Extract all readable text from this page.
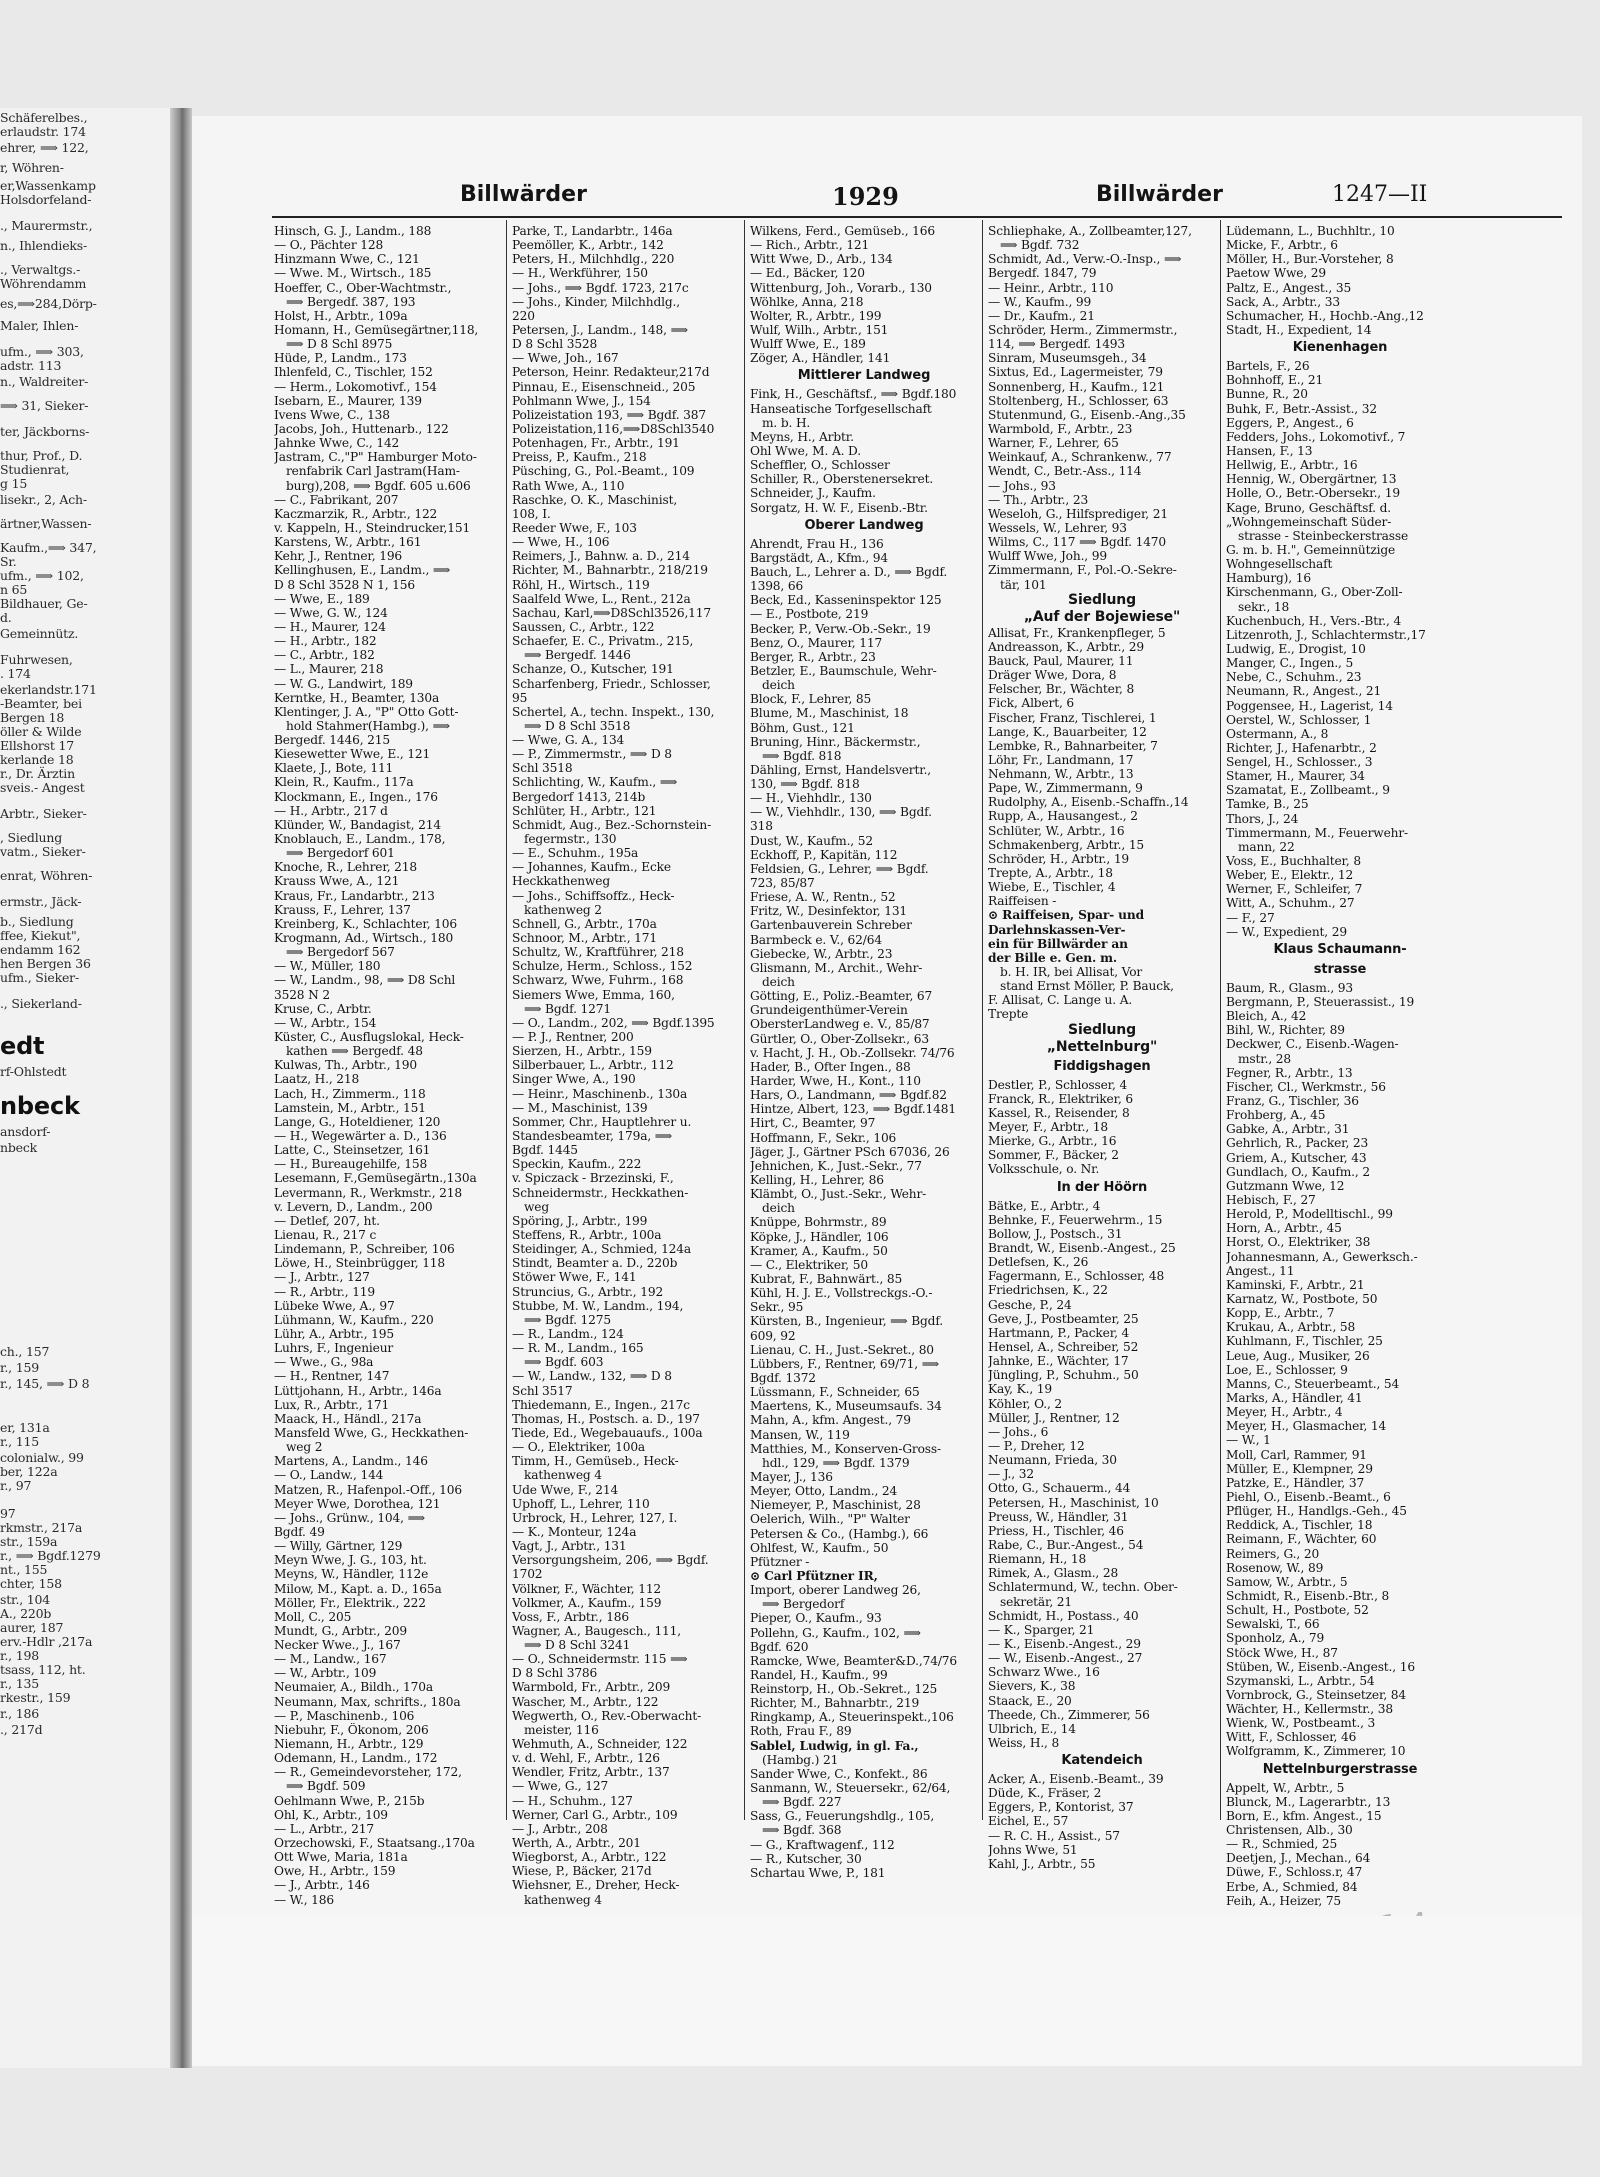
Schäferelbes.,
erlaudstr. 174
ehrer, ⟹ 122,
r, Wöhren-
er,Wassenkamp
Holsdorfeland-
., Maurermstr.,
n., Ihlendieks-
., Verwaltgs.-
Wöhrendamm
es,⟹284,Dörp-
Maler, Ihlen-
ufm., ⟹ 303,
adstr. 113
n., Waldreiter-
⟹ 31, Sieker-
ter, Jäckborns-
thur, Prof., D.
Studienrat,
g 15
lisekr., 2, Ach-
ärtner,Wassen-
Kaufm.,⟹ 347,
Sr.
ufm., ⟹ 102,
n 65
Bildhauer, Ge-
d.
Gemeinnütz.
Fuhrwesen,
. 174
ekerlandstr.171
-Beamter, bei
Bergen 18
öller & Wilde
Ellshorst 17
kerlande 18
r., Dr. Ärztin
sveis.- Angest
Arbtr., Sieker-
, Siedlung
vatm., Sieker-
enrat, Wöhren-
ermstr., Jäck-
b., Siedlung
ffee, Kiekut",
endamm 162
hen Bergen 36
ufm., Sieker-
., Siekerland-
edt
rf-Ohlstedt
nbeck
ansdorf-
nbeck
ch., 157
r., 159
r., 145, ⟹ D 8
er, 131a
r., 115
colonialw., 99
ber, 122a
r., 97
97
rkmstr., 217a
str., 159a
r., ⟹ Bgdf.1279
nt., 155
chter, 158
str., 104
A., 220b
aurer, 187
erv.-Hdlr ,217a
r., 198
tsass, 112, ht.
r., 135
rkestr., 159
r., 186
., 217d
Billwärder	1929	Billwärder	1247—II
Hinsch, G. J., Landm., 188
— O., Pächter 128
Hinzmann Wwe, C., 121
— Wwe. M., Wirtsch., 185
Hoeffer, C., Ober-Wachtmstr.,
⟹ Bergedf. 387, 193
Holst, H., Arbtr., 109a
Homann, H., Gemüsegärtner,118,
⟹ D 8 Schl 8975
Hüde, P., Landm., 173
Ihlenfeld, C., Tischler, 152
— Herm., Lokomotivf., 154
Isebarn, E., Maurer, 139
Ivens Wwe, C., 138
Jacobs, Joh., Huttenarb., 122
Jahnke Wwe, C., 142
Jastram, C.,"P" Hamburger Moto-
renfabrik Carl Jastram(Ham-
burg),208, ⟹ Bgdf. 605 u.606
— C., Fabrikant, 207
Kaczmarzik, R., Arbtr., 122
v. Kappeln, H., Steindrucker,151
Karstens, W., Arbtr., 161
Kehr, J., Rentner, 196
Kellinghusen, E., Landm., ⟹
D 8 Schl 3528 N 1, 156
— Wwe, E., 189
— Wwe, G. W., 124
— H., Maurer, 124
— H., Arbtr., 182
— C., Arbtr., 182
— L., Maurer, 218
— W. G., Landwirt, 189
Kerntke, H., Beamter, 130a
Klentinger, J. A., "P" Otto Gott-
hold Stahmer(Hambg.), ⟹
Bergedf. 1446, 215
Kiesewetter Wwe, E., 121
Klaete, J., Bote, 111
Klein, R., Kaufm., 117a
Klockmann, E., Ingen., 176
— H., Arbtr., 217 d
Klünder, W., Bandagist, 214
Knoblauch, E., Landm., 178,
⟹ Bergedorf 601
Knoche, R., Lehrer, 218
Krauss Wwe, A., 121
Kraus, Fr., Landarbtr., 213
Krauss, F., Lehrer, 137
Kreinberg, K., Schlachter, 106
Krogmann, Ad., Wirtsch., 180
⟹ Bergedorf 567
— W., Müller, 180
— W., Landm., 98, ⟹ D8 Schl
3528 N 2
Kruse, C., Arbtr.
— W., Arbtr., 154
Küster, C., Ausflugslokal, Heck-
kathen ⟹ Bergedf. 48
Kulwas, Th., Arbtr., 190
Laatz, H., 218
Lach, H., Zimmerm., 118
Lamstein, M., Arbtr., 151
Lange, G., Hoteldiener, 120
— H., Wegewärter a. D., 136
Latte, C., Steinsetzer, 161
— H., Bureaugehilfe, 158
Lesemann, F.,Gemüsegärtn.,130a
Levermann, R., Werkmstr., 218
v. Levern, D., Landm., 200
— Detlef, 207, ht.
Lienau, R., 217 c
Lindemann, P., Schreiber, 106
Löwe, H., Steinbrügger, 118
— J., Arbtr., 127
— R., Arbtr., 119
Lübeke Wwe, A., 97
Lühmann, W., Kaufm., 220
Lühr, A., Arbtr., 195
Luhrs, F., Ingenieur
— Wwe., G., 98a
— H., Rentner, 147
Lüttjohann, H., Arbtr., 146a
Lux, R., Arbtr., 171
Maack, H., Händl., 217a
Mansfeld Wwe, G., Heckkathen-
weg 2
Martens, A., Landm., 146
— O., Landw., 144
Matzen, R., Hafenpol.-Off., 106
Meyer Wwe, Dorothea, 121
— Johs., Grünw., 104, ⟹
Bgdf. 49
— Willy, Gärtner, 129
Meyn Wwe, J. G., 103, ht.
Meyns, W., Händler, 112e
Milow, M., Kapt. a. D., 165a
Möller, Fr., Elektrik., 222
Moll, C., 205
Mundt, G., Arbtr., 209
Necker Wwe., J., 167
— M., Landw., 167
— W., Arbtr., 109
Neumaier, A., Bildh., 170a
Neumann, Max, schrifts., 180a
— P., Maschinenb., 106
Niebuhr, F., Ökonom, 206
Niemann, H., Arbtr., 129
Odemann, H., Landm., 172
— R., Gemeindevorsteher, 172,
⟹ Bgdf. 509
Oehlmann Wwe, P., 215b
Ohl, K., Arbtr., 109
— L., Arbtr., 217
Orzechowski, F., Staatsang.,170a
Ott Wwe, Maria, 181a
Owe, H., Arbtr., 159
— J., Arbtr., 146
— W., 186
Parke, T., Landarbtr., 146a
Peemöller, K., Arbtr., 142
Peters, H., Milchhdlg., 220
— H., Werkführer, 150
— Johs., ⟹ Bgdf. 1723, 217c
— Johs., Kinder, Milchhdlg.,
220
Petersen, J., Landm., 148, ⟹
D 8 Schl 3528
— Wwe, Joh., 167
Peterson, Heinr. Redakteur,217d
Pinnau, E., Eisenschneid., 205
Pohlmann Wwe, J., 154
Polizeistation 193, ⟹ Bgdf. 387
Polizeistation,116,⟹D8Schl3540
Potenhagen, Fr., Arbtr., 191
Preiss, P., Kaufm., 218
Püsching, G., Pol.-Beamt., 109
Rath Wwe, A., 110
Raschke, O. K., Maschinist,
108, I.
Reeder Wwe, F., 103
— Wwe, H., 106
Reimers, J., Bahnw. a. D., 214
Richter, M., Bahnarbtr., 218/219
Röhl, H., Wirtsch., 119
Saalfeld Wwe, L., Rent., 212a
Sachau, Karl,⟹D8Schl3526,117
Saussen, C., Arbtr., 122
Schaefer, E. C., Privatm., 215,
⟹ Bergedf. 1446
Schanze, O., Kutscher, 191
Scharfenberg, Friedr., Schlosser,
95
Schertel, A., techn. Inspekt., 130,
⟹ D 8 Schl 3518
— Wwe, G. A., 134
— P., Zimmermstr., ⟹ D 8
Schl 3518
Schlichting, W., Kaufm., ⟹
Bergedorf 1413, 214b
Schlüter, H., Arbtr., 121
Schmidt, Aug., Bez.-Schornstein-
fegermstr., 130
— E., Schuhm., 195a
— Johannes, Kaufm., Ecke
Heckkathenweg
— Johs., Schiffsoffz., Heck-
kathenweg 2
Schnell, G., Arbtr., 170a
Schnoor, M., Arbtr., 171
Schultz, W., Kraftführer, 218
Schulze, Herm., Schloss., 152
Schwarz, Wwe, Fuhrm., 168
Siemers Wwe, Emma, 160,
⟹ Bgdf. 1271
— O., Landm., 202, ⟹ Bgdf.1395
— P. J., Rentner, 200
Sierzen, H., Arbtr., 159
Silberbauer, L., Arbtr., 112
Singer Wwe, A., 190
— Heinr., Maschinenb., 130a
— M., Maschinist, 139
Sommer, Chr., Hauptlehrer u.
Standesbeamter, 179a, ⟹
Bgdf. 1445
Speckin, Kaufm., 222
v. Spiczack - Brzezinski, F.,
Schneidermstr., Heckkathen-
weg
Spöring, J., Arbtr., 199
Steffens, R., Arbtr., 100a
Steidinger, A., Schmied, 124a
Stindt, Beamter a. D., 220b
Stöwer Wwe, F., 141
Struncius, G., Arbtr., 192
Stubbe, M. W., Landm., 194,
⟹ Bgdf. 1275
— R., Landm., 124
— R. M., Landm., 165
⟹ Bgdf. 603
— W., Landw., 132, ⟹ D 8
Schl 3517
Thiedemann, E., Ingen., 217c
Thomas, H., Postsch. a. D., 197
Tiede, Ed., Wegebauaufs., 100a
— O., Elektriker, 100a
Timm, H., Gemüseb., Heck-
kathenweg 4
Ude Wwe, F., 214
Uphoff, L., Lehrer, 110
Urbrock, H., Lehrer, 127, I.
— K., Monteur, 124a
Vagt, J., Arbtr., 131
Versorgungsheim, 206, ⟹ Bgdf.
1702
Völkner, F., Wächter, 112
Volkmer, A., Kaufm., 159
Voss, F., Arbtr., 186
Wagner, A., Baugesch., 111,
⟹ D 8 Schl 3241
— O., Schneidermstr. 115 ⟹
D 8 Schl 3786
Warmbold, Fr., Arbtr., 209
Wascher, M., Arbtr., 122
Wegwerth, O., Rev.-Oberwacht-
meister, 116
Wehmuth, A., Schneider, 122
v. d. Wehl, F., Arbtr., 126
Wendler, Fritz, Arbtr., 137
— Wwe, G., 127
— H., Schuhm., 127
Werner, Carl G., Arbtr., 109
— J., Arbtr., 208
Werth, A., Arbtr., 201
Wiegborst, A., Arbtr., 122
Wiese, P., Bäcker, 217d
Wiehsner, E., Dreher, Heck-
kathenweg 4
Wilkens, Ferd., Gemüseb., 166
— Rich., Arbtr., 121
Witt Wwe, D., Arb., 134
— Ed., Bäcker, 120
Wittenburg, Joh., Vorarb., 130
Wöhlke, Anna, 218
Wolter, R., Arbtr., 199
Wulf, Wilh., Arbtr., 151
Wulff Wwe, E., 189
Zöger, A., Händler, 141
Mittlerer Landweg
Fink, H., Geschäftsf., ⟹ Bgdf.180
Hanseatische Torfgesellschaft
m. b. H.
Meyns, H., Arbtr.
Ohl Wwe, M. A. D.
Scheffler, O., Schlosser
Schiller, R., Oberstenersekret.
Schneider, J., Kaufm.
Sorgatz, H. W. F., Eisenb.-Btr.
Oberer Landweg
Ahrendt, Frau H., 136
Bargstädt, A., Kfm., 94
Bauch, L., Lehrer a. D., ⟹ Bgdf.
1398, 66
Beck, Ed., Kasseninspektor 125
— E., Postbote, 219
Becker, P., Verw.-Ob.-Sekr., 19
Benz, O., Maurer, 117
Berger, R., Arbtr., 23
Betzler, E., Baumschule, Wehr-
deich
Block, F., Lehrer, 85
Blume, M., Maschinist, 18
Böhm, Gust., 121
Bruning, Hinr., Bäckermstr.,
⟹ Bgdf. 818
Dähling, Ernst, Handelsvertr.,
130, ⟹ Bgdf. 818
— H., Viehhdlr., 130
— W., Viehhdlr., 130, ⟹ Bgdf.
318
Dust, W., Kaufm., 52
Eckhoff, P., Kapitän, 112
Feldsien, G., Lehrer, ⟹ Bgdf.
723, 85/87
Friese, A. W., Rentn., 52
Fritz, W., Desinfektor, 131
Gartenbauverein Schreber
Barmbeck e. V., 62/64
Giebecke, W., Arbtr., 23
Glismann, M., Archit., Wehr-
deich
Götting, E., Poliz.-Beamter, 67
Grundeigenthümer-Verein
ObersterLandweg e. V., 85/87
Gürtler, O., Ober-Zollsekr., 63
v. Hacht, J. H., Ob.-Zollsekr. 74/76
Hader, B., Ofter Ingen., 88
Harder, Wwe, H., Kont., 110
Hars, O., Landmann, ⟹ Bgdf.82
Hintze, Albert, 123, ⟹ Bgdf.1481
Hirt, C., Beamter, 97
Hoffmann, F., Sekr., 106
Jäger, J., Gärtner PSch 67036, 26
Jehnichen, K., Just.-Sekr., 77
Kelling, H., Lehrer, 86
Klämbt, O., Just.-Sekr., Wehr-
deich
Knüppe, Bohrmstr., 89
Köpke, J., Händler, 106
Kramer, A., Kaufm., 50
— C., Elektriker, 50
Kubrat, F., Bahnwärt., 85
Kühl, H. J. E., Vollstreckgs.-O.-
Sekr., 95
Kürsten, B., Ingenieur, ⟹ Bgdf.
609, 92
Lienau, C. H., Just.-Sekret., 80
Lübbers, F., Rentner, 69/71, ⟹
Bgdf. 1372
Lüssmann, F., Schneider, 65
Maertens, K., Museumsaufs. 34
Mahn, A., kfm. Angest., 79
Mansen, W., 119
Matthies, M., Konserven-Gross-
hdl., 129, ⟹ Bgdf. 1379
Mayer, J., 136
Meyer, Otto, Landm., 24
Niemeyer, P., Maschinist, 28
Oelerich, Wilh., "P" Walter
Petersen & Co., (Hambg.), 66
Ohlfest, W., Kaufm., 50
Pfützner -
⊙ Carl Pfützner IR,
Import, oberer Landweg 26,
⟹ Bergedorf
Pieper, O., Kaufm., 93
Pollehn, G., Kaufm., 102, ⟹
Bgdf. 620
Ramcke, Wwe, Beamter&D.,74/76
Randel, H., Kaufm., 99
Reinstorp, H., Ob.-Sekret., 125
Richter, M., Bahnarbtr., 219
Ringkamp, A., Steuerinspekt.,106
Roth, Frau F., 89
Sablel, Ludwig, in gl. Fa.,
(Hambg.) 21
Sander Wwe, C., Konfekt., 86
Sanmann, W., Steuersekr., 62/64,
⟹ Bgdf. 227
Sass, G., Feuerungshdlg., 105,
⟹ Bgdf. 368
— G., Kraftwagenf., 112
— R., Kutscher, 30
Schartau Wwe, P., 181
Schliephake, A., Zollbeamter,127,
⟹ Bgdf. 732
Schmidt, Ad., Verw.-O.-Insp., ⟹
Bergedf. 1847, 79
— Heinr., Arbtr., 110
— W., Kaufm., 99
— Dr., Kaufm., 21
Schröder, Herm., Zimmermstr.,
114, ⟹ Bergedf. 1493
Sinram, Museumsgeh., 34
Sixtus, Ed., Lagermeister, 79
Sonnenberg, H., Kaufm., 121
Stoltenberg, H., Schlosser, 63
Stutenmund, G., Eisenb.-Ang.,35
Warmbold, F., Arbtr., 23
Warner, F., Lehrer, 65
Weinkauf, A., Schrankenw., 77
Wendt, C., Betr.-Ass., 114
— Johs., 93
— Th., Arbtr., 23
Weseloh, G., Hilfsprediger, 21
Wessels, W., Lehrer, 93
Wilms, C., 117 ⟹ Bgdf. 1470
Wulff Wwe, Joh., 99
Zimmermann, F., Pol.-O.-Sekre-
tär, 101
Siedlung
„Auf der Bojewiese"
Allisat, Fr., Krankenpfleger, 5
Andreasson, K., Arbtr., 29
Bauck, Paul, Maurer, 11
Dräger Wwe, Dora, 8
Felscher, Br., Wächter, 8
Fick, Albert, 6
Fischer, Franz, Tischlerei, 1
Lange, K., Bauarbeiter, 12
Lembke, R., Bahnarbeiter, 7
Löhr, Fr., Landmann, 17
Nehmann, W., Arbtr., 13
Pape, W., Zimmermann, 9
Rudolphy, A., Eisenb.-Schaffn.,14
Rupp, A., Hausangest., 2
Schlüter, W., Arbtr., 16
Schmakenberg, Arbtr., 15
Schröder, H., Arbtr., 19
Trepte, A., Arbtr., 18
Wiebe, E., Tischler, 4
Raiffeisen -
⊙ Raiffeisen, Spar- und
Darlehnskassen-Ver-
ein für Billwärder an
der Bille e. Gen. m.
b. H. IR, bei Allisat, Vor
stand Ernst Möller, P. Bauck,
F. Allisat, C. Lange u. A.
Trepte
Siedlung
„Nettelnburg"
Fiddigshagen
Destler, P., Schlosser, 4
Franck, R., Elektriker, 6
Kassel, R., Reisender, 8
Meyer, F., Arbtr., 18
Mierke, G., Arbtr., 16
Sommer, F., Bäcker, 2
Volksschule, o. Nr.
In der Höörn
Bätke, E., Arbtr., 4
Behnke, F., Feuerwehrm., 15
Bollow, J., Postsch., 31
Brandt, W., Eisenb.-Angest., 25
Detlefsen, K., 26
Fagermann, E., Schlosser, 48
Friedrichsen, K., 22
Gesche, P., 24
Geve, J., Postbeamter, 25
Hartmann, P., Packer, 4
Hensel, A., Schreiber, 52
Jahnke, E., Wächter, 17
Jüngling, P., Schuhm., 50
Kay, K., 19
Köhler, O., 2
Müller, J., Rentner, 12
— Johs., 6
— P., Dreher, 12
Neumann, Frieda, 30
— J., 32
Otto, G., Schauerm., 44
Petersen, H., Maschinist, 10
Preuss, W., Händler, 31
Priess, H., Tischler, 46
Rabe, C., Bur.-Angest., 54
Riemann, H., 18
Rimek, A., Glasm., 28
Schlatermund, W., techn. Ober-
sekretär, 21
Schmidt, H., Postass., 40
— K., Sparger, 21
— K., Eisenb.-Angest., 29
— W., Eisenb.-Angest., 27
Schwarz Wwe., 16
Sievers, K., 38
Staack, E., 20
Theede, Ch., Zimmerer, 56
Ulbrich, E., 14
Weiss, H., 8
Katendeich
Acker, A., Eisenb.-Beamt., 39
Düde, K., Fräser, 2
Eggers, P., Kontorist, 37
Eichel, E., 57
— R. C. H., Assist., 57
Johns Wwe, 51
Kahl, J., Arbtr., 55
Lüdemann, L., Buchhltr., 10
Micke, F., Arbtr., 6
Möller, H., Bur.-Vorsteher, 8
Paetow Wwe, 29
Paltz, E., Angest., 35
Sack, A., Arbtr., 33
Schumacher, H., Hochb.-Ang.,12
Stadt, H., Expedient, 14
Kienenhagen
Bartels, F., 26
Bohnhoff, E., 21
Bunne, R., 20
Buhk, F., Betr.-Assist., 32
Eggers, P., Angest., 6
Fedders, Johs., Lokomotivf., 7
Hansen, F., 13
Hellwig, E., Arbtr., 16
Hennig, W., Obergärtner, 13
Holle, O., Betr.-Obersekr., 19
Kage, Bruno, Geschäftsf. d.
„Wohngemeinschaft Süder-
strasse - Steinbeckerstrasse
G. m. b. H.", Gemeinnützige
Wohngesellschaft
Hamburg), 16
Kirschenmann, G., Ober-Zoll-
sekr., 18
Kuchenbuch, H., Vers.-Btr., 4
Litzenroth, J., Schlachtermstr.,17
Ludwig, E., Drogist, 10
Manger, C., Ingen., 5
Nebe, C., Schuhm., 23
Neumann, R., Angest., 21
Poggensee, H., Lagerist, 14
Oerstel, W., Schlosser, 1
Ostermann, A., 8
Richter, J., Hafenarbtr., 2
Sengel, H., Schlosser., 3
Stamer, H., Maurer, 34
Szamatat, E., Zollbeamt., 9
Tamke, B., 25
Thors, J., 24
Timmermann, M., Feuerwehr-
mann, 22
Voss, E., Buchhalter, 8
Weber, E., Elektr., 12
Werner, F., Schleifer, 7
Witt, A., Schuhm., 27
— F., 27
— W., Expedient, 29
Klaus Schaumann-
strasse
Baum, R., Glasm., 93
Bergmann, P., Steuerassist., 19
Bleich, A., 42
Bihl, W., Richter, 89
Deckwer, C., Eisenb.-Wagen-
mstr., 28
Fegner, R., Arbtr., 13
Fischer, Cl., Werkmstr., 56
Franz, G., Tischler, 36
Frohberg, A., 45
Gabke, A., Arbtr., 31
Gehrlich, R., Packer, 23
Griem, A., Kutscher, 43
Gundlach, O., Kaufm., 2
Gutzmann Wwe, 12
Hebisch, F., 27
Herold, P., Modelltischl., 99
Horn, A., Arbtr., 45
Horst, O., Elektriker, 38
Johannesmann, A., Gewerksch.-
Angest., 11
Kaminski, F., Arbtr., 21
Karnatz, W., Postbote, 50
Kopp, E., Arbtr., 7
Krukau, A., Arbtr., 58
Kuhlmann, F., Tischler, 25
Leue, Aug., Musiker, 26
Loe, E., Schlosser, 9
Manns, C., Steuerbeamt., 54
Marks, A., Händler, 41
Meyer, H., Arbtr., 4
Meyer, H., Glasmacher, 14
— W., 1
Moll, Carl, Rammer, 91
Müller, E., Klempner, 29
Patzke, E., Händler, 37
Piehl, O., Eisenb.-Beamt., 6
Pflüger, H., Handlgs.-Geh., 45
Reddick, A., Tischler, 18
Reimann, F., Wächter, 60
Reimers, G., 20
Rosenow, W., 89
Samow, W., Arbtr., 5
Schmidt, R., Eisenb.-Btr., 8
Schult, H., Postbote, 52
Sewalski, T., 66
Sponholz, A., 79
Stöck Wwe, H., 87
Stüben, W., Eisenb.-Angest., 16
Szymanski, L., Arbtr., 54
Vornbrock, G., Steinsetzer, 84
Wächter, H., Kellermstr., 38
Wienk, W., Postbeamt., 3
Witt, F., Schlosser, 46
Wolfgramm, K., Zimmerer, 10
Nettelnburgerstrasse
Appelt, W., Arbtr., 5
Blunck, M., Lagerarbtr., 13
Born, E., kfm. Angest., 15
Christensen, Alb., 30
— R., Schmied, 25
Deetjen, J., Mechan., 64
Düwe, F., Schloss.r, 47
Erbe, A., Schmied, 84
Feih, A., Heizer, 75
